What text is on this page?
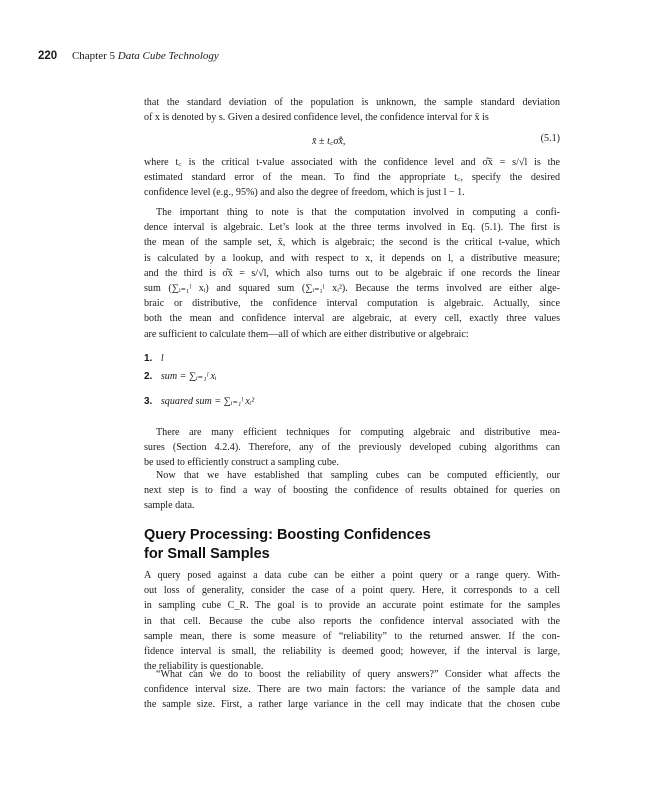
220 Chapter 5 Data Cube Technology
that the standard deviation of the population is unknown, the sample standard deviation
of x is denoted by s. Given a desired confidence level, the confidence interval for x̄ is
x̄ ± t꜀σ̂x̄,	(5.1)
where t꜀ is the critical t-value associated with the confidence level and σ̂x̄ = s/√l is the
estimated standard error of the mean. To find the appropriate t꜀, specify the desired
confidence level (e.g., 95%) and also the degree of freedom, which is just l − 1.
The important thing to note is that the computation involved in computing a confi-
dence interval is algebraic. Let’s look at the three terms involved in Eq. (5.1). The first is
the mean of the sample set, x̄, which is algebraic; the second is the critical t-value, which
is calculated by a lookup, and with respect to x, it depends on l, a distributive measure;
and the third is σ̂x̄ = s/√l, which also turns out to be algebraic if one records the linear
sum (∑ᵢ₌₁ˡ xᵢ) and squared sum (∑ᵢ₌₁ˡ xᵢ²). Because the terms involved are either alge-
braic or distributive, the confidence interval computation is algebraic. Actually, since
both the mean and confidence interval are algebraic, at every cell, exactly three values
are sufficient to calculate them—all of which are either distributive or algebraic:
1. l
2. sum = ∑ᵢ₌₁ˡ xᵢ
3. squared sum = ∑ᵢ₌₁ˡ xᵢ²
There are many efficient techniques for computing algebraic and distributive mea-
sures (Section 4.2.4). Therefore, any of the previously developed cubing algorithms can
be used to efficiently construct a sampling cube.
Now that we have established that sampling cubes can be computed efficiently, our
next step is to find a way of boosting the confidence of results obtained for queries on
sample data.
Query Processing: Boosting Confidences
for Small Samples
A query posed against a data cube can be either a point query or a range query. With-
out loss of generality, consider the case of a point query. Here, it corresponds to a cell
in sampling cube C_R. The goal is to provide an accurate point estimate for the samples
in that cell. Because the cube also reports the confidence interval associated with the
sample mean, there is some measure of “reliability” to the returned answer. If the con-
fidence interval is small, the reliability is deemed good; however, if the interval is large,
the reliability is questionable.
“What can we do to boost the reliability of query answers?” Consider what affects the
confidence interval size. There are two main factors: the variance of the sample data and
the sample size. First, a rather large variance in the cell may indicate that the chosen cube
